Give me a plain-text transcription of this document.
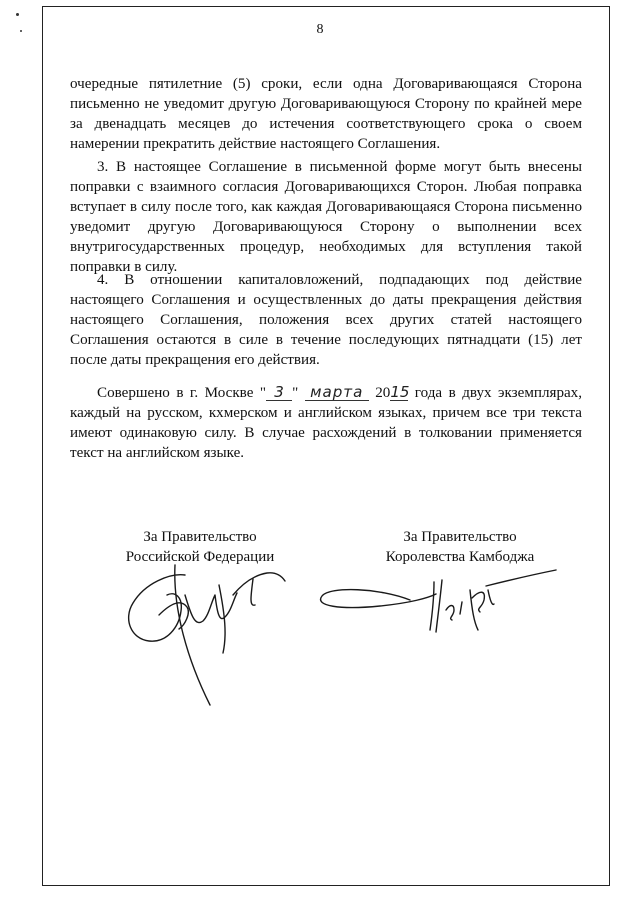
8

очередные пятилетние (5) сроки, если одна Договаривающаяся Сторона письменно не уведомит другую Договаривающуюся Сторону по крайней мере за двенадцать месяцев до истечения соответствующего срока о своем намерении прекратить действие настоящего Соглашения.

3. В настоящее Соглашение в письменной форме могут быть внесены поправки с взаимного согласия Договаривающихся Сторон. Любая поправка вступает в силу после того, как каждая Договаривающаяся Сторона письменно уведомит другую Договаривающуюся Сторону о выполнении всех внутригосударственных процедур, необходимых для вступления такой поправки в силу.

4. В отношении капиталовложений, подпадающих под действие настоящего Соглашения и осуществленных до даты прекращения действия настоящего Соглашения, положения всех других статей настоящего Соглашения остаются в силе в течение последующих пятнадцати (15) лет после даты прекращения его действия.

Совершено в г. Москве " 3 " марта 2015 года в двух экземплярах, каждый на русском, кхмерском и английском языках, причем все три текста имеют одинаковую силу. В случае расхождений в толковании применяется текст на английском языке.

За Правительство
Российской Федерации
За Правительство
Королевства Камбоджа
